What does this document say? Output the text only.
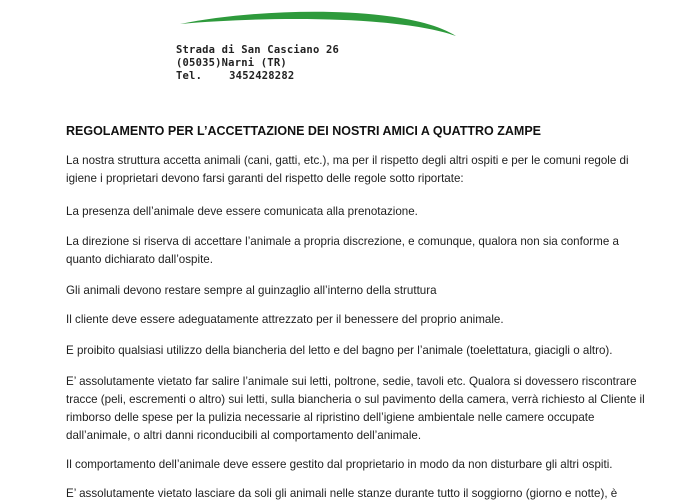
Strada di San Casciano 26
(05035)Narni (TR)
Tel.	3452428282
REGOLAMENTO PER L’ACCETTAZIONE DEI NOSTRI AMICI A QUATTRO ZAMPE
La nostra struttura accetta animali (cani, gatti, etc.), ma per il rispetto degli altri ospiti e per le comuni regole di igiene i proprietari devono farsi garanti del rispetto delle regole sotto riportate:
La presenza dell’animale deve essere comunicata alla prenotazione.
La direzione si riserva di accettare l’animale a propria discrezione, e comunque, qualora non sia conforme a quanto dichiarato dall’ospite.
Gli animali devono restare sempre al guinzaglio all’interno della struttura
Il cliente deve essere adeguatamente attrezzato per il benessere del proprio animale.
E proibito qualsiasi utilizzo della biancheria del letto e del bagno per l’animale (toelettatura, giacigli o altro).
E’ assolutamente vietato far salire l’animale sui letti, poltrone, sedie, tavoli etc. Qualora si dovessero riscontrare tracce (peli, escrementi o altro) sui letti, sulla biancheria o sul pavimento della camera, verrà richiesto al Cliente il rimborso delle spese per la pulizia necessarie al ripristino dell’igiene ambientale nelle camere occupate dall’animale, o altri danni riconducibili al comportamento dell’animale.
Il comportamento dell’animale deve essere gestito dal proprietario in modo da non disturbare gli altri ospiti.
E’ assolutamente vietato lasciare da soli gli animali nelle stanze durante tutto il soggiorno (giorno e notte), è
